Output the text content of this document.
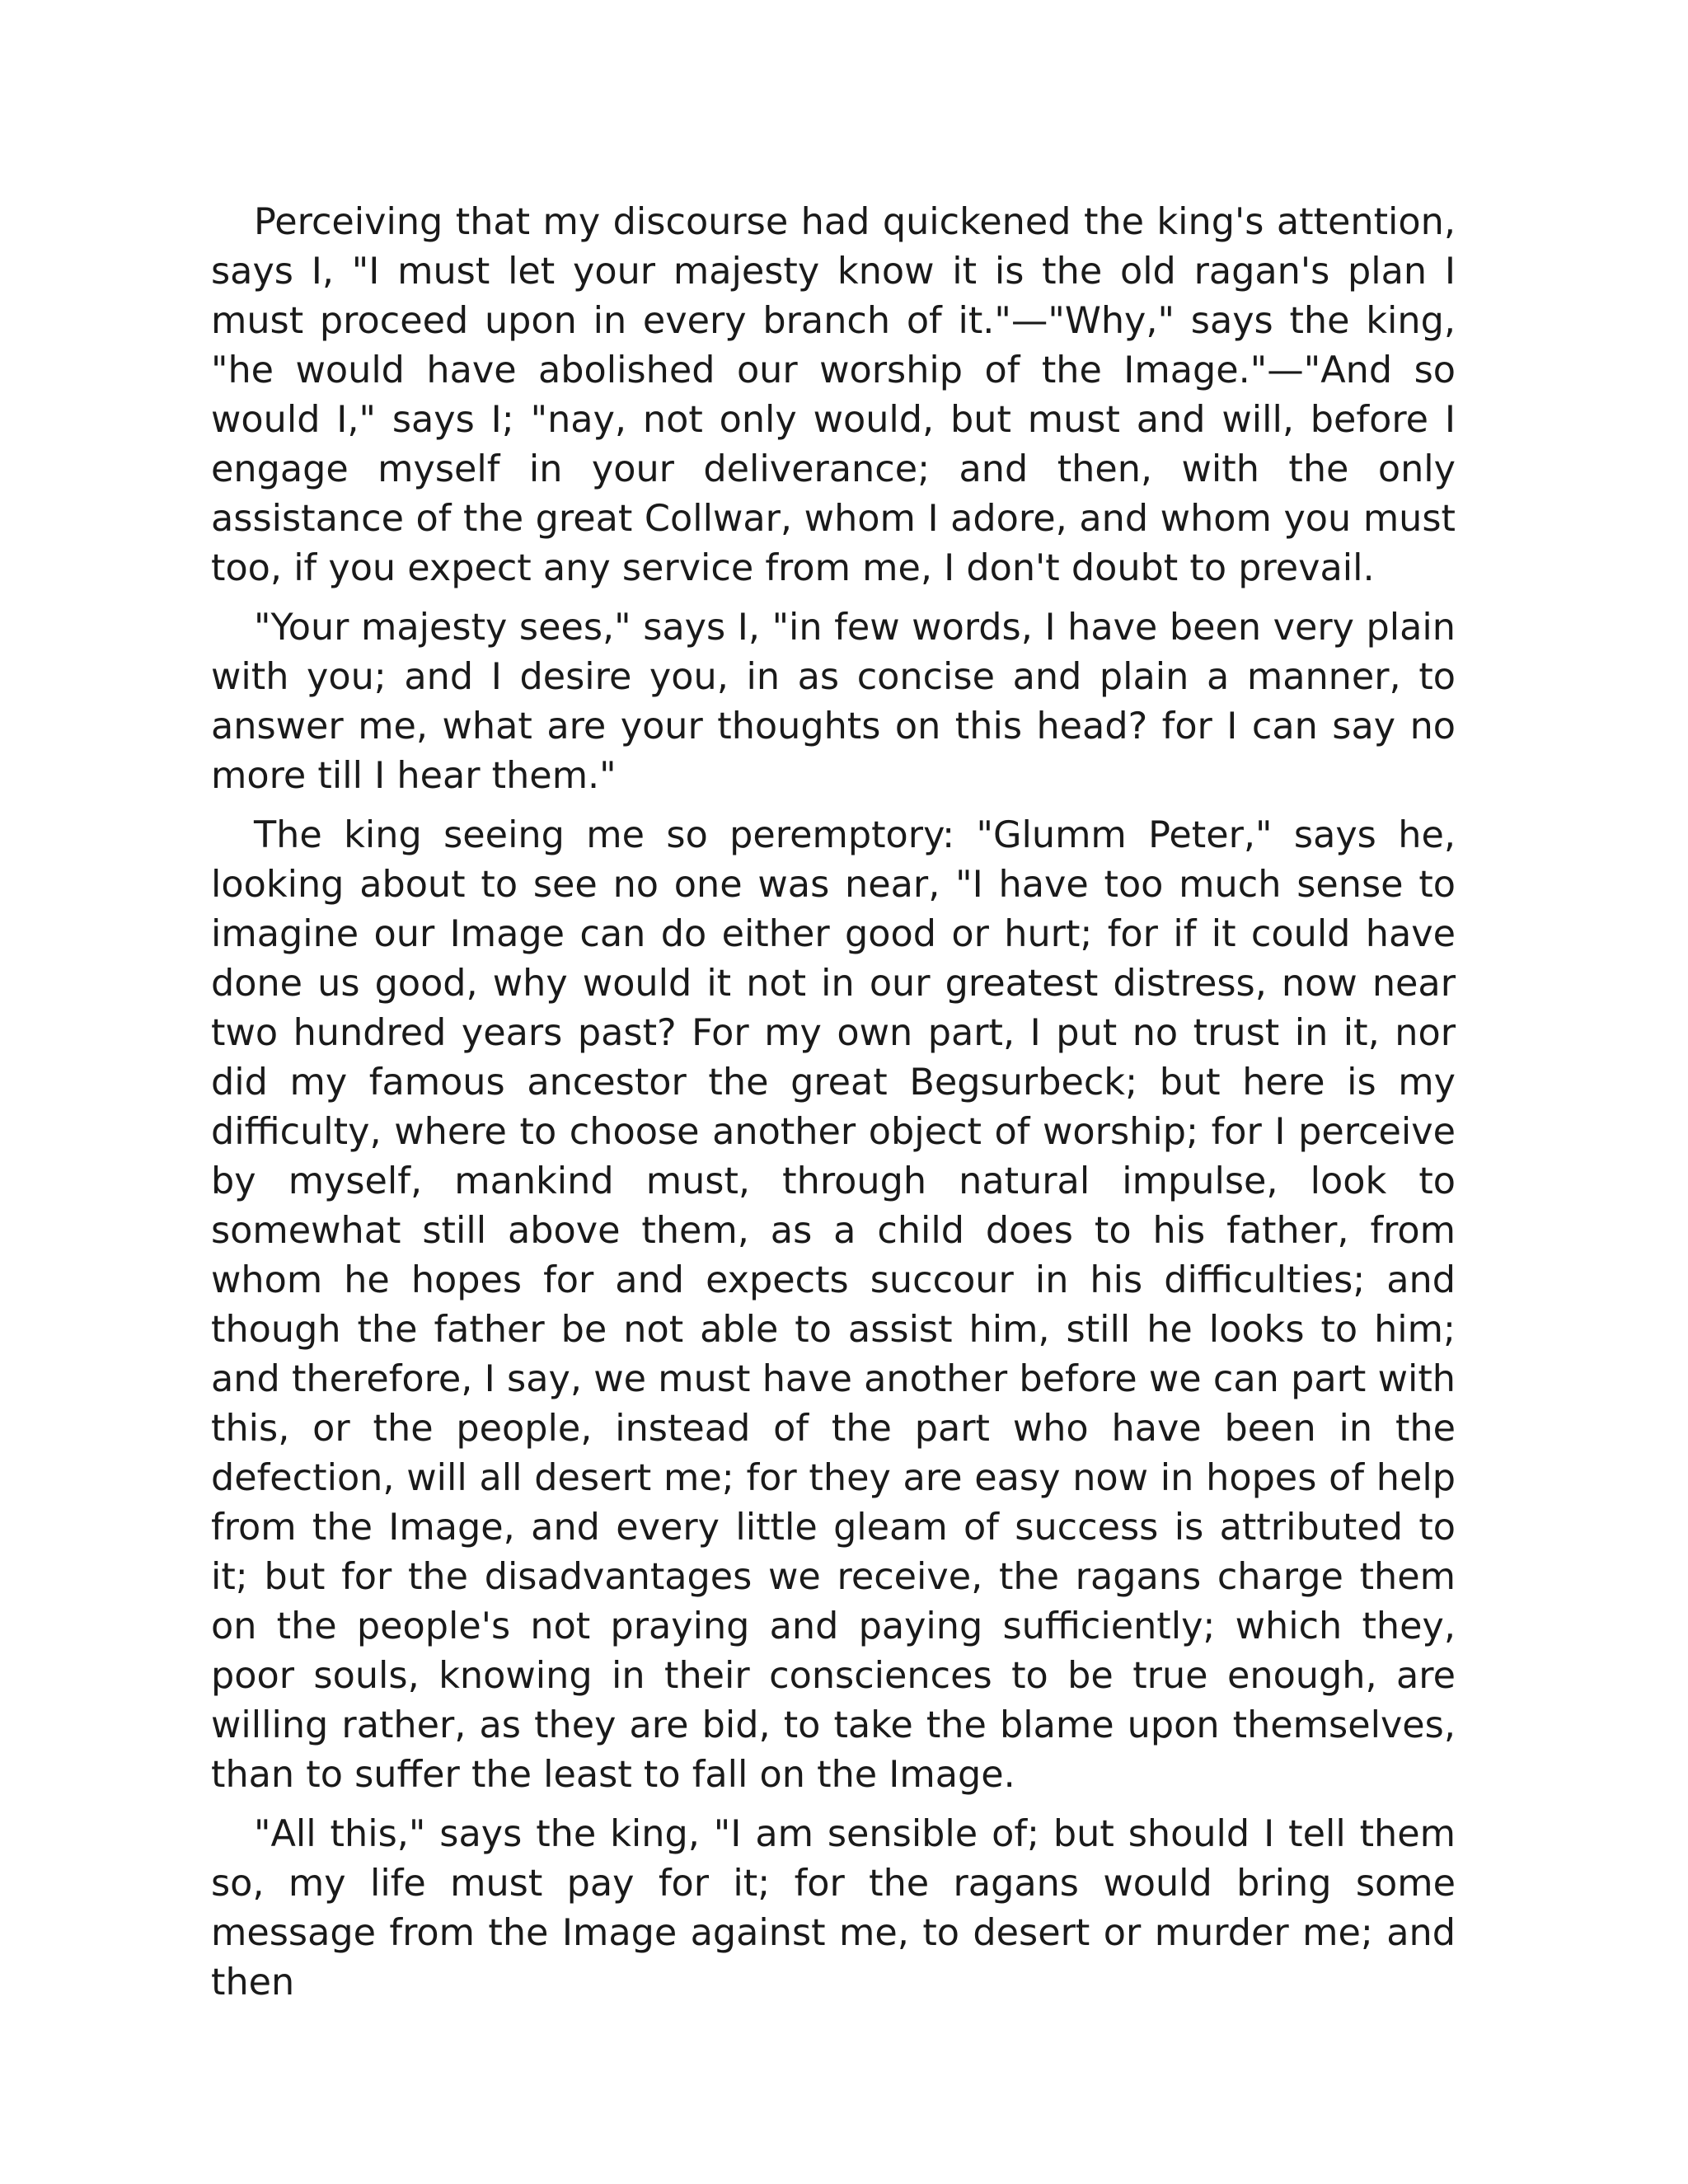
Perceiving that my discourse had quickened the king's attention, says I, "I must let your majesty know it is the old ragan's plan I must proceed upon in every branch of it."—"Why," says the king, "he would have abolished our worship of the Image."—"And so would I," says I; "nay, not only would, but must and will, before I engage myself in your deliverance; and then, with the only assistance of the great Collwar, whom I adore, and whom you must too, if you expect any service from me, I don't doubt to prevail.

"Your majesty sees," says I, "in few words, I have been very plain with you; and I desire you, in as concise and plain a manner, to answer me, what are your thoughts on this head? for I can say no more till I hear them."

The king seeing me so peremptory: "Glumm Peter," says he, looking about to see no one was near, "I have too much sense to imagine our Image can do either good or hurt; for if it could have done us good, why would it not in our greatest distress, now near two hundred years past? For my own part, I put no trust in it, nor did my famous ancestor the great Begsurbeck; but here is my difficulty, where to choose another object of worship; for I perceive by myself, mankind must, through natural impulse, look to somewhat still above them, as a child does to his father, from whom he hopes for and expects succour in his difficulties; and though the father be not able to assist him, still he looks to him; and therefore, I say, we must have another before we can part with this, or the people, instead of the part who have been in the defection, will all desert me; for they are easy now in hopes of help from the Image, and every little gleam of success is attributed to it; but for the disadvantages we receive, the ragans charge them on the people's not praying and paying sufficiently; which they, poor souls, knowing in their consciences to be true enough, are willing rather, as they are bid, to take the blame upon themselves, than to suffer the least to fall on the Image.

"All this," says the king, "I am sensible of; but should I tell them so, my life must pay for it; for the ragans would bring some message from the Image against me, to desert or murder me; and then
